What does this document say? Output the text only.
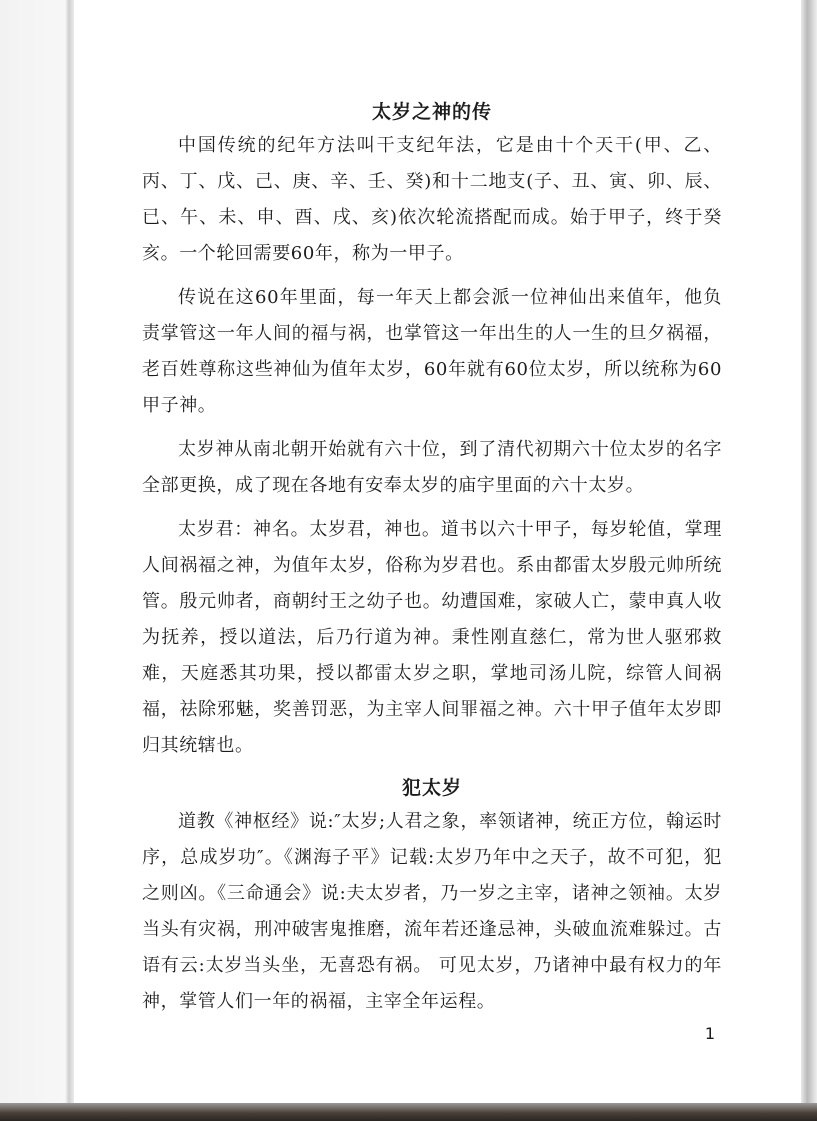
太岁之神的传

中国传统的纪年方法叫干支纪年法，它是由十个天干(甲、乙、丙、丁、戊、己、庚、辛、壬、癸)和十二地支(子、丑、寅、卯、辰、已、午、未、申、酉、戌、亥)依次轮流搭配而成。始于甲子，终于癸亥。一个轮回需要60年，称为一甲子。

传说在这60年里面，每一年天上都会派一位神仙出来值年，他负责掌管这一年人间的福与祸，也掌管这一年出生的人一生的旦夕祸福，老百姓尊称这些神仙为值年太岁，60年就有60位太岁，所以统称为60甲子神。

太岁神从南北朝开始就有六十位，到了清代初期六十位太岁的名字全部更换，成了现在各地有安奉太岁的庙宇里面的六十太岁。

太岁君：神名。太岁君，神也。道书以六十甲子，每岁轮值，掌理人间祸福之神，为值年太岁，俗称为岁君也。系由都雷太岁殷元帅所统管。殷元帅者，商朝纣王之幼子也。幼遭国难，家破人亡，蒙申真人收为抚养，授以道法，后乃行道为神。秉性刚直慈仁，常为世人驱邪救难，天庭悉其功果，授以都雷太岁之职，掌地司汤儿院，综管人间祸福，祛除邪魅，奖善罚恶，为主宰人间罪福之神。六十甲子值年太岁即归其统辖也。

犯太岁

道教《神枢经》说:″太岁;人君之象，率领诸神，统正方位，翰运时序，总成岁功″。《渊海子平》记载:太岁乃年中之天子，故不可犯，犯之则凶。《三命通会》说:夫太岁者，乃一岁之主宰，诸神之领袖。太岁当头有灾祸，刑冲破害鬼推磨，流年若还逢忌神，头破血流难躲过。古语有云:太岁当头坐，无喜恐有祸。 可见太岁，乃诸神中最有权力的年神，掌管人们一年的祸福，主宰全年运程。

1
